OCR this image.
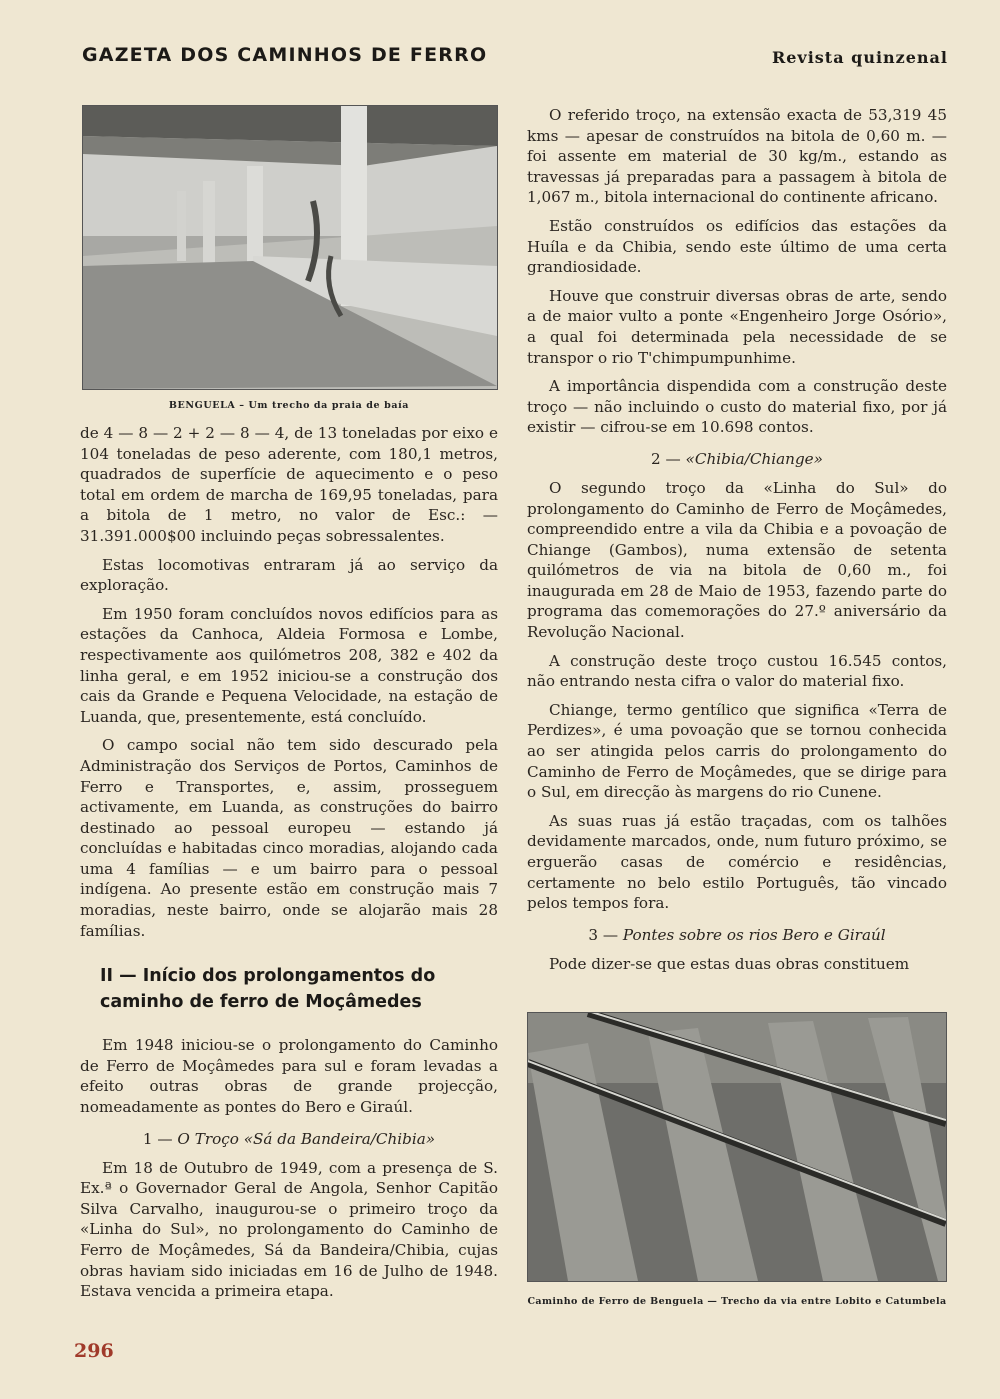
GAZETA DOS CAMINHOS DE FERRO	Revista quinzenal
BENGUELA – Um trecho da praia de baía

de 4 — 8 — 2 + 2 — 8 — 4, de 13 toneladas por eixo e 104 toneladas de peso aderente, com 180,1 metros, quadrados de superfície de aquecimento e o peso total em ordem de marcha de 169,95 toneladas, para a bitola de 1 metro, no valor de Esc.: — 31.391.000$00 incluindo peças sobressalentes.

Estas locomotivas entraram já ao serviço da exploração.

Em 1950 foram concluídos novos edifícios para as estações da Canhoca, Aldeia Formosa e Lombe, respectivamente aos quilómetros 208, 382 e 402 da linha geral, e em 1952 iniciou-se a construção dos cais da Grande e Pequena Velocidade, na estação de Luanda, que, presentemente, está concluído.

O campo social não tem sido descurado pela Administração dos Serviços de Portos, Caminhos de Ferro e Transportes, e, assim, prosseguem activamente, em Luanda, as construções do bairro destinado ao pessoal europeu — estando já concluídas e habitadas cinco moradias, alojando cada uma 4 famílias — e um bairro para o pessoal indígena. Ao presente estão em construção mais 7 moradias, neste bairro, onde se alojarão mais 28 famílias.

II — Início dos prolongamentos do
caminho de ferro de Moçâmedes

Em 1948 iniciou-se o prolongamento do Caminho de Ferro de Moçâmedes para sul e foram levadas a efeito outras obras de grande projecção, nomeadamente as pontes do Bero e Giraúl.

1 — O Troço «Sá da Bandeira/Chibia»

Em 18 de Outubro de 1949, com a presença de S. Ex.ª o Governador Geral de Angola, Senhor Capitão Silva Carvalho, inaugurou-se o primeiro troço da «Linha do Sul», no prolongamento do Caminho de Ferro de Moçâmedes, Sá da Bandeira/Chibia, cujas obras haviam sido iniciadas em 16 de Julho de 1948. Estava vencida a primeira etapa.

O referido troço, na extensão exacta de 53,319 45 kms — apesar de construídos na bitola de 0,60 m. — foi assente em material de 30 kg/m., estando as travessas já preparadas para a passagem à bitola de 1,067 m., bitola internacional do continente africano.

Estão construídos os edifícios das estações da Huíla e da Chibia, sendo este último de uma certa grandiosidade.

Houve que construir diversas obras de arte, sendo a de maior vulto a ponte «Engenheiro Jorge Osório», a qual foi determinada pela necessidade de se transpor o rio T'chimpumpunhime.

A importância dispendida com a construção deste troço — não incluindo o custo do material fixo, por já existir — cifrou-se em 10.698 contos.

2 — «Chibia/Chiange»

O segundo troço da «Linha do Sul» do prolongamento do Caminho de Ferro de Moçâmedes, compreendido entre a vila da Chibia e a povoação de Chiange (Gambos), numa extensão de setenta quilómetros de via na bitola de 0,60 m., foi inaugurada em 28 de Maio de 1953, fazendo parte do programa das comemorações do 27.º aniversário da Revolução Nacional.

A construção deste troço custou 16.545 contos, não entrando nesta cifra o valor do material fixo.

Chiange, termo gentílico que significa «Terra de Perdizes», é uma povoação que se tornou conhecida ao ser atingida pelos carris do prolongamento do Caminho de Ferro de Moçâmedes, que se dirige para o Sul, em direcção às margens do rio Cunene.

As suas ruas já estão traçadas, com os talhões devidamente marcados, onde, num futuro próximo, se erguerão casas de comércio e residências, certamente no belo estilo Português, tão vincado pelos tempos fora.

3 — Pontes sobre os rios Bero e Giraúl

Pode dizer-se que estas duas obras constituem

Caminho de Ferro de Benguela — Trecho da via entre Lobito e Catumbela
296
